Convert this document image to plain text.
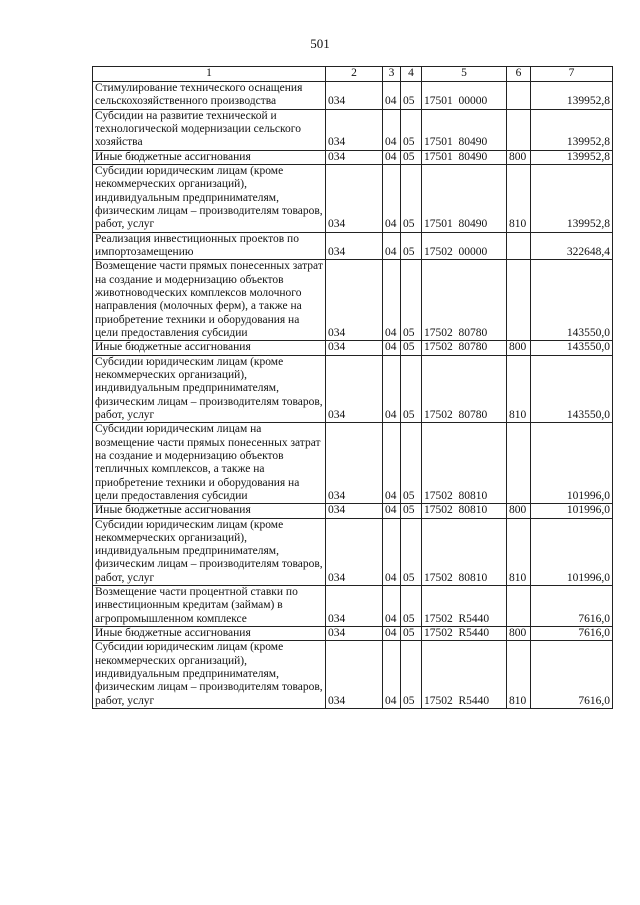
501
1	2	3	4	5	6	7
Стимулирование технического оснащения сельскохозяйственного производства	034	04	05	17501  00000		139952,8
Субсидии на развитие технической и технологической модернизации сельского хозяйства	034	04	05	17501  80490		139952,8
Иные бюджетные ассигнования	034	04	05	17501  80490	800	139952,8
Субсидии юридическим лицам (кроме некоммерческих организаций), индивидуальным предпринимателям, физическим лицам – производителям товаров, работ, услуг	034	04	05	17501  80490	810	139952,8
Реализация инвестиционных проектов по импортозамещению	034	04	05	17502  00000		322648,4
Возмещение части прямых понесенных затрат на создание и модернизацию объектов животноводческих комплексов молочного направления (молочных ферм), а также на приобретение техники и оборудования на цели предоставления субсидии	034	04	05	17502  80780		143550,0
Иные бюджетные ассигнования	034	04	05	17502  80780	800	143550,0
Субсидии юридическим лицам (кроме некоммерческих организаций), индивидуальным предпринимателям, физическим лицам – производителям товаров, работ, услуг	034	04	05	17502  80780	810	143550,0
Субсидии юридическим лицам на возмещение части прямых понесенных затрат на создание и модернизацию объектов тепличных комплексов, а также на приобретение техники и оборудования на цели предоставления субсидии	034	04	05	17502  80810		101996,0
Иные бюджетные ассигнования	034	04	05	17502  80810	800	101996,0
Субсидии юридическим лицам (кроме некоммерческих организаций), индивидуальным предпринимателям, физическим лицам – производителям товаров, работ, услуг	034	04	05	17502  80810	810	101996,0
Возмещение части процентной ставки по инвестиционным кредитам (займам) в агропромышленном комплексе	034	04	05	17502  R5440		7616,0
Иные бюджетные ассигнования	034	04	05	17502  R5440	800	7616,0
Субсидии юридическим лицам (кроме некоммерческих организаций), индивидуальным предпринимателям, физическим лицам – производителям товаров, работ, услуг	034	04	05	17502  R5440	810	7616,0
